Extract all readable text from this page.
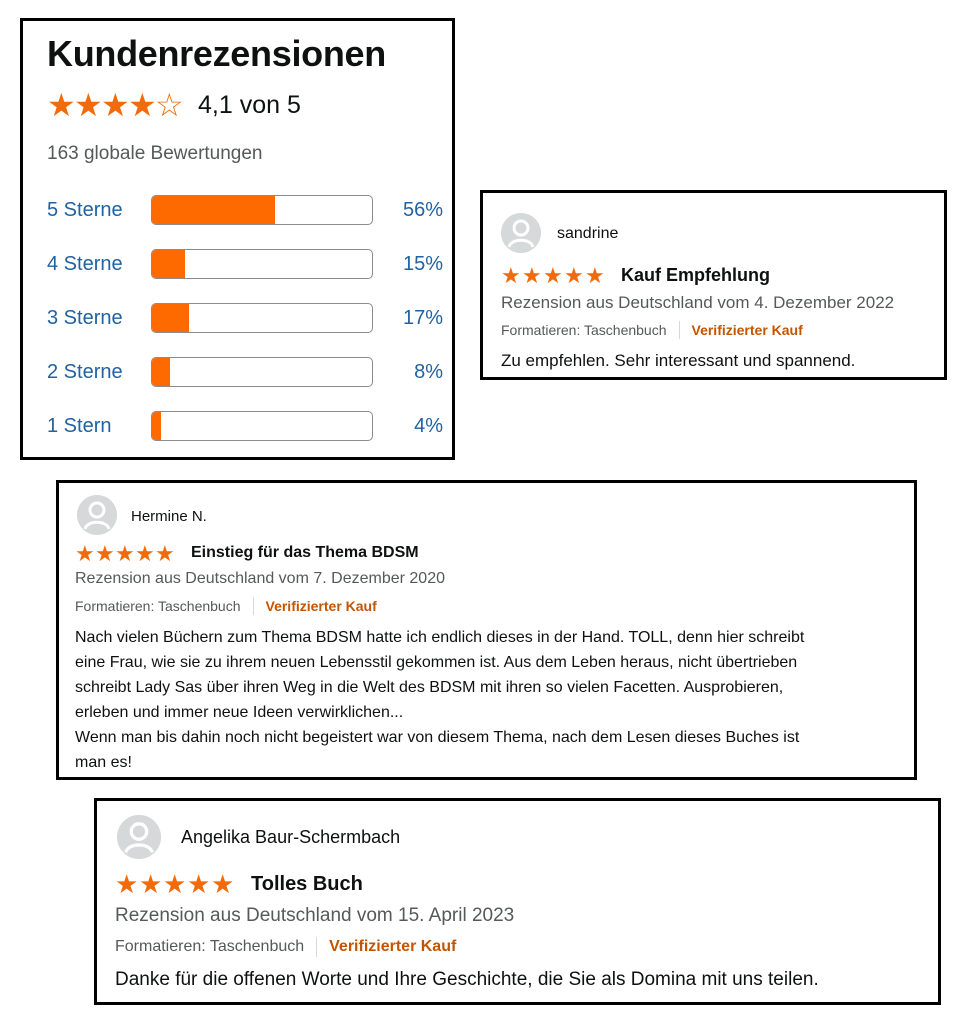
Kundenrezensionen
★
★
★
★
☆ 4,1 von 5
163 globale Bewertungen
5 Sterne	56%
4 Sterne	15%
3 Sterne	17%
2 Sterne	8%
1 Stern	4%
sandrine
★ ★ ★ ★ ★ Kauf Empfehlung
Rezension aus Deutschland vom 4. Dezember 2022
Formatieren: Taschenbuch Verifizierter Kauf
Zu empfehlen. Sehr interessant und spannend.
Hermine N.
★ ★ ★ ★ ★ Einstieg für das Thema BDSM
Rezension aus Deutschland vom 7. Dezember 2020
Formatieren: Taschenbuch Verifizierter Kauf
Nach vielen Büchern zum Thema BDSM hatte ich endlich dieses in der Hand. TOLL, denn hier schreibt
eine Frau, wie sie zu ihrem neuen Lebensstil gekommen ist. Aus dem Leben heraus, nicht übertrieben
schreibt Lady Sas über ihren Weg in die Welt des BDSM mit ihren so vielen Facetten. Ausprobieren,
erleben und immer neue Ideen verwirklichen...
Wenn man bis dahin noch nicht begeistert war von diesem Thema, nach dem Lesen dieses Buches ist
man es!
Angelika Baur-Schermbach
★ ★ ★ ★ ★ Tolles Buch
Rezension aus Deutschland vom 15. April 2023
Formatieren: Taschenbuch Verifizierter Kauf
Danke für die offenen Worte und Ihre Geschichte, die Sie als Domina mit uns teilen.
